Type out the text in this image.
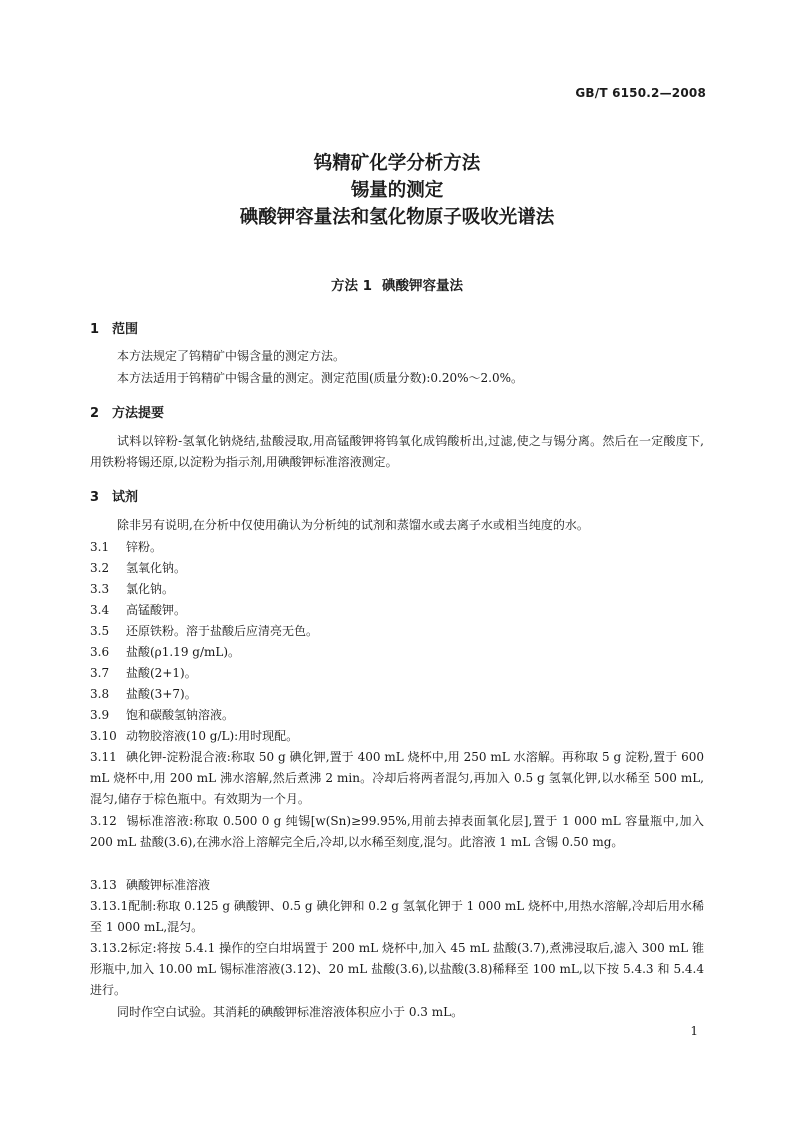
GB/T 6150.2—2008
钨精矿化学分析方法
锡量的测定
碘酸钾容量法和氢化物原子吸收光谱法
方法 1 碘酸钾容量法
1 范围
本方法规定了钨精矿中锡含量的测定方法。
本方法适用于钨精矿中锡含量的测定。测定范围(质量分数):0.20%～2.0%。
2 方法提要
试料以锌粉-氢氧化钠烧结,盐酸浸取,用高锰酸钾将钨氧化成钨酸析出,过滤,使之与锡分离。然后在一定酸度下,用铁粉将锡还原,以淀粉为指示剂,用碘酸钾标准溶液测定。
3 试剂
除非另有说明,在分析中仅使用确认为分析纯的试剂和蒸馏水或去离子水或相当纯度的水。
3.1 锌粉。
3.2 氢氧化钠。
3.3 氯化钠。
3.4 高锰酸钾。
3.5 还原铁粉。溶于盐酸后应清亮无色。
3.6 盐酸(ρ1.19 g/mL)。
3.7 盐酸(2+1)。
3.8 盐酸(3+7)。
3.9 饱和碳酸氢钠溶液。
3.10 动物胶溶液(10 g/L):用时现配。
3.11 碘化钾-淀粉混合液:称取 50 g 碘化钾,置于 400 mL 烧杯中,用 250 mL 水溶解。再称取 5 g 淀粉,置于 600 mL 烧杯中,用 200 mL 沸水溶解,然后煮沸 2 min。冷却后将两者混匀,再加入 0.5 g 氢氧化钾,以水稀至 500 mL,混匀,储存于棕色瓶中。有效期为一个月。
3.12 锡标准溶液:称取 0.500 0 g 纯锡[w(Sn)≥99.95%,用前去掉表面氧化层],置于 1 000 mL 容量瓶中,加入 200 mL 盐酸(3.6),在沸水浴上溶解完全后,冷却,以水稀至刻度,混匀。此溶液 1 mL 含锡 0.50 mg。
3.13 碘酸钾标准溶液
3.13.1配制:称取 0.125 g 碘酸钾、0.5 g 碘化钾和 0.2 g 氢氧化钾于 1 000 mL 烧杯中,用热水溶解,冷却后用水稀至 1 000 mL,混匀。
3.13.2标定:将按 5.4.1 操作的空白坩埚置于 200 mL 烧杯中,加入 45 mL 盐酸(3.7),煮沸浸取后,滤入 300 mL 锥形瓶中,加入 10.00 mL 锡标准溶液(3.12)、20 mL 盐酸(3.6),以盐酸(3.8)稀释至 100 mL,以下按 5.4.3 和 5.4.4 进行。
同时作空白试验。其消耗的碘酸钾标准溶液体积应小于 0.3 mL。
1
